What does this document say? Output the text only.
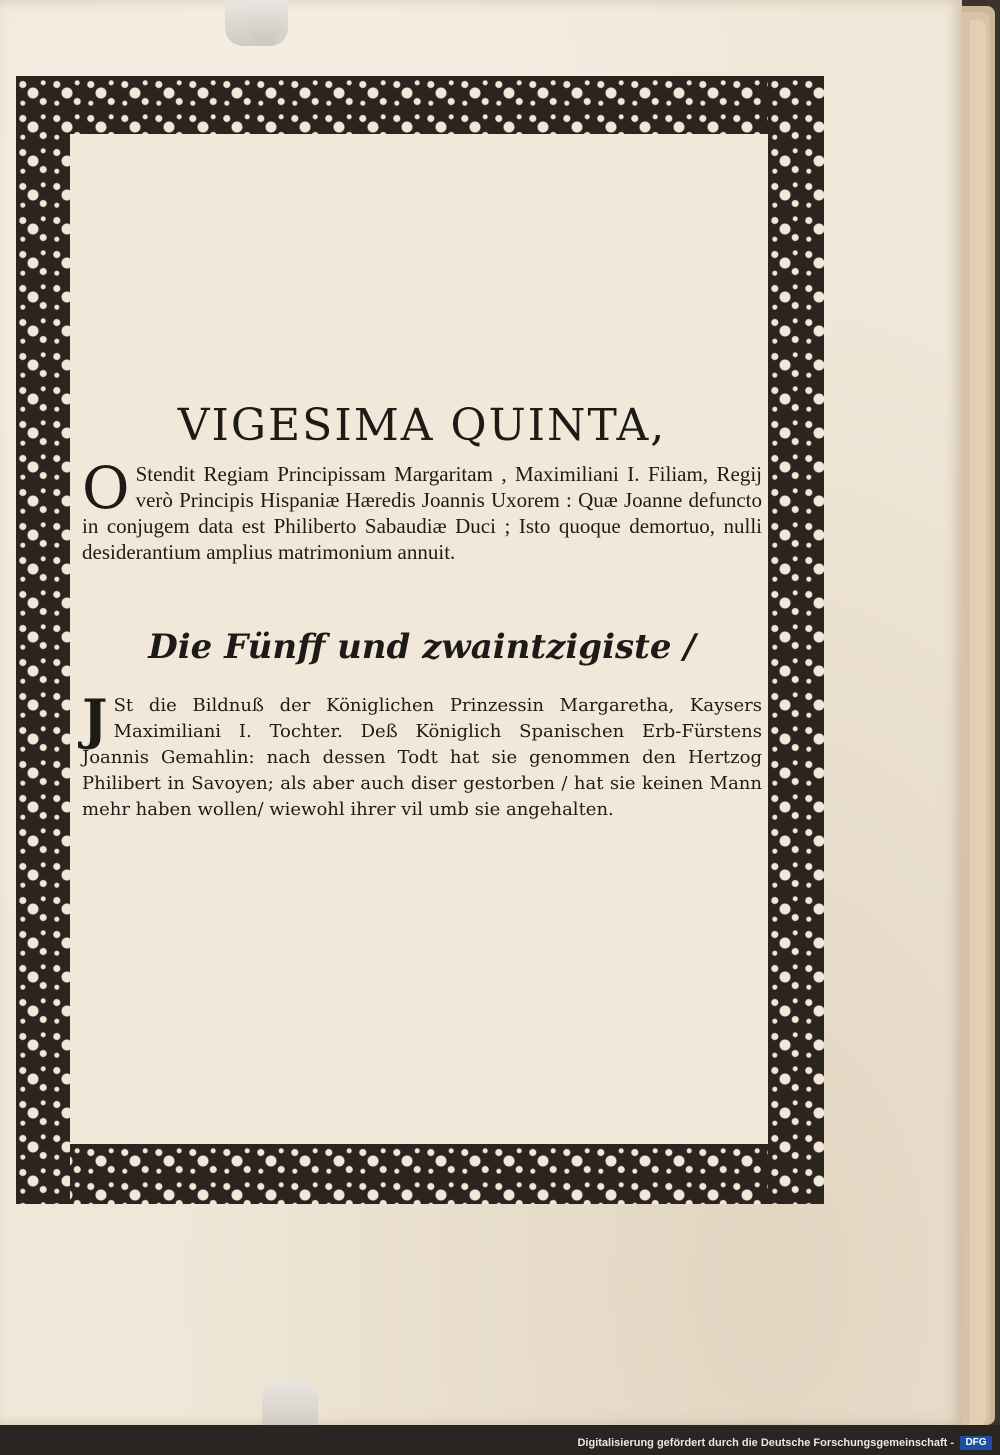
VIGESIMA QUINTA,

O Stendit Regiam Principissam Margaritam , Maximiliani I. Filiam, Regij verò Principis Hispaniæ Hæredis Joannis Uxorem : Quæ Joanne defuncto in conjugem data est Philiberto Sabaudiæ Duci ; Isto quoque demortuo, nulli desiderantium amplius matrimonium annuit.

Die Fünff und zwaintzigiste /

J St die Bildnuß der Königlichen Prinzessin Margaretha, Kaysers Maximiliani I. Tochter. Deß Königlich Spanischen Erb-Fürstens Joannis Gemahlin: nach dessen Todt hat sie genommen den Hertzog Philibert in Savoyen; als aber auch diser gestorben / hat sie keinen Mann mehr haben wollen/ wiewohl ihrer vil umb sie angehalten.

Digitalisierung gefördert durch die Deutsche Forschungsgemeinschaft -	DFG
